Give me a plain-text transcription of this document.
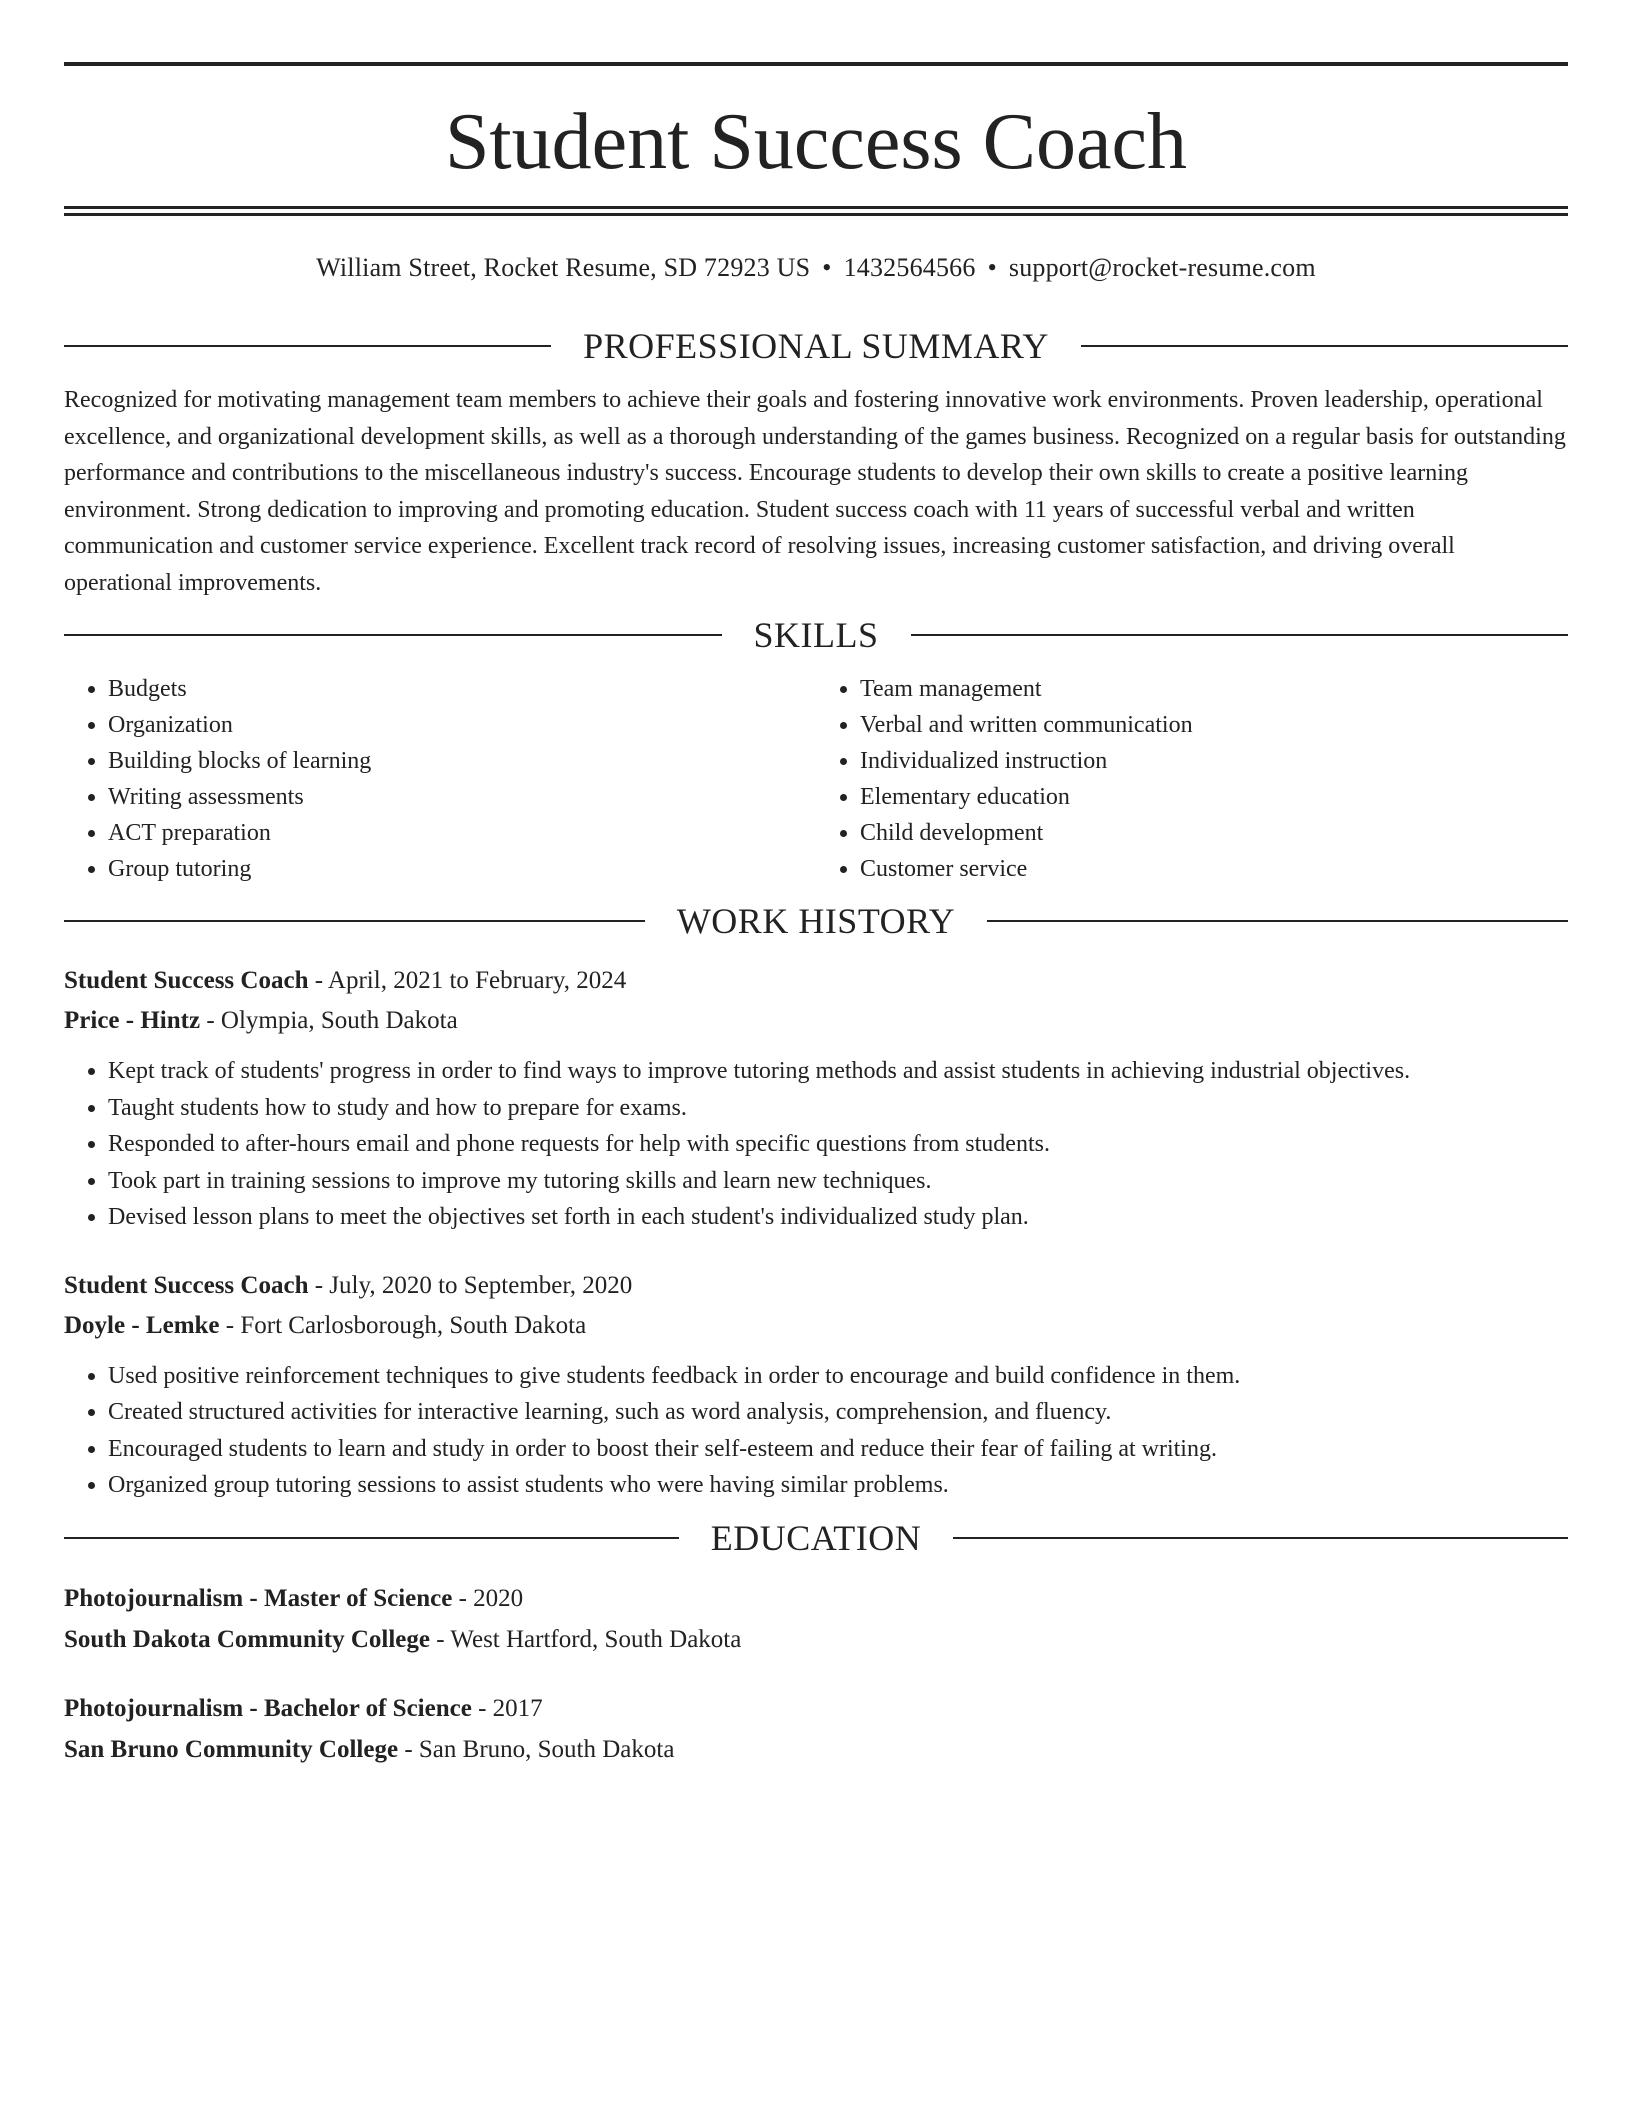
Student Success Coach
William Street, Rocket Resume, SD 72923 US • 1432564566 • support@rocket-resume.com
PROFESSIONAL SUMMARY

Recognized for motivating management team members to achieve their goals and fostering innovative work environments. Proven leadership, operational excellence, and organizational development skills, as well as a thorough understanding of the games business. Recognized on a regular basis for outstanding performance and contributions to the miscellaneous industry's success. Encourage students to develop their own skills to create a positive learning environment. Strong dedication to improving and promoting education. Student success coach with 11 years of successful verbal and written communication and customer service experience. Excellent track record of resolving issues, increasing customer satisfaction, and driving overall operational improvements.

SKILLS
• Budgets
• Organization
• Building blocks of learning
• Writing assessments
• ACT preparation
• Group tutoring
• Team management
• Verbal and written communication
• Individualized instruction
• Elementary education
• Child development
• Customer service
WORK HISTORY
Student Success Coach - April, 2021 to February, 2024
Price - Hintz - Olympia, South Dakota
• Kept track of students' progress in order to find ways to improve tutoring methods and assist students in achieving industrial objectives.
• Taught students how to study and how to prepare for exams.
• Responded to after-hours email and phone requests for help with specific questions from students.
• Took part in training sessions to improve my tutoring skills and learn new techniques.
• Devised lesson plans to meet the objectives set forth in each student's individualized study plan.
Student Success Coach - July, 2020 to September, 2020
Doyle - Lemke - Fort Carlosborough, South Dakota
• Used positive reinforcement techniques to give students feedback in order to encourage and build confidence in them.
• Created structured activities for interactive learning, such as word analysis, comprehension, and fluency.
• Encouraged students to learn and study in order to boost their self-esteem and reduce their fear of failing at writing.
• Organized group tutoring sessions to assist students who were having similar problems.
EDUCATION
Photojournalism - Master of Science - 2020
South Dakota Community College - West Hartford, South Dakota
Photojournalism - Bachelor of Science - 2017
San Bruno Community College - San Bruno, South Dakota
